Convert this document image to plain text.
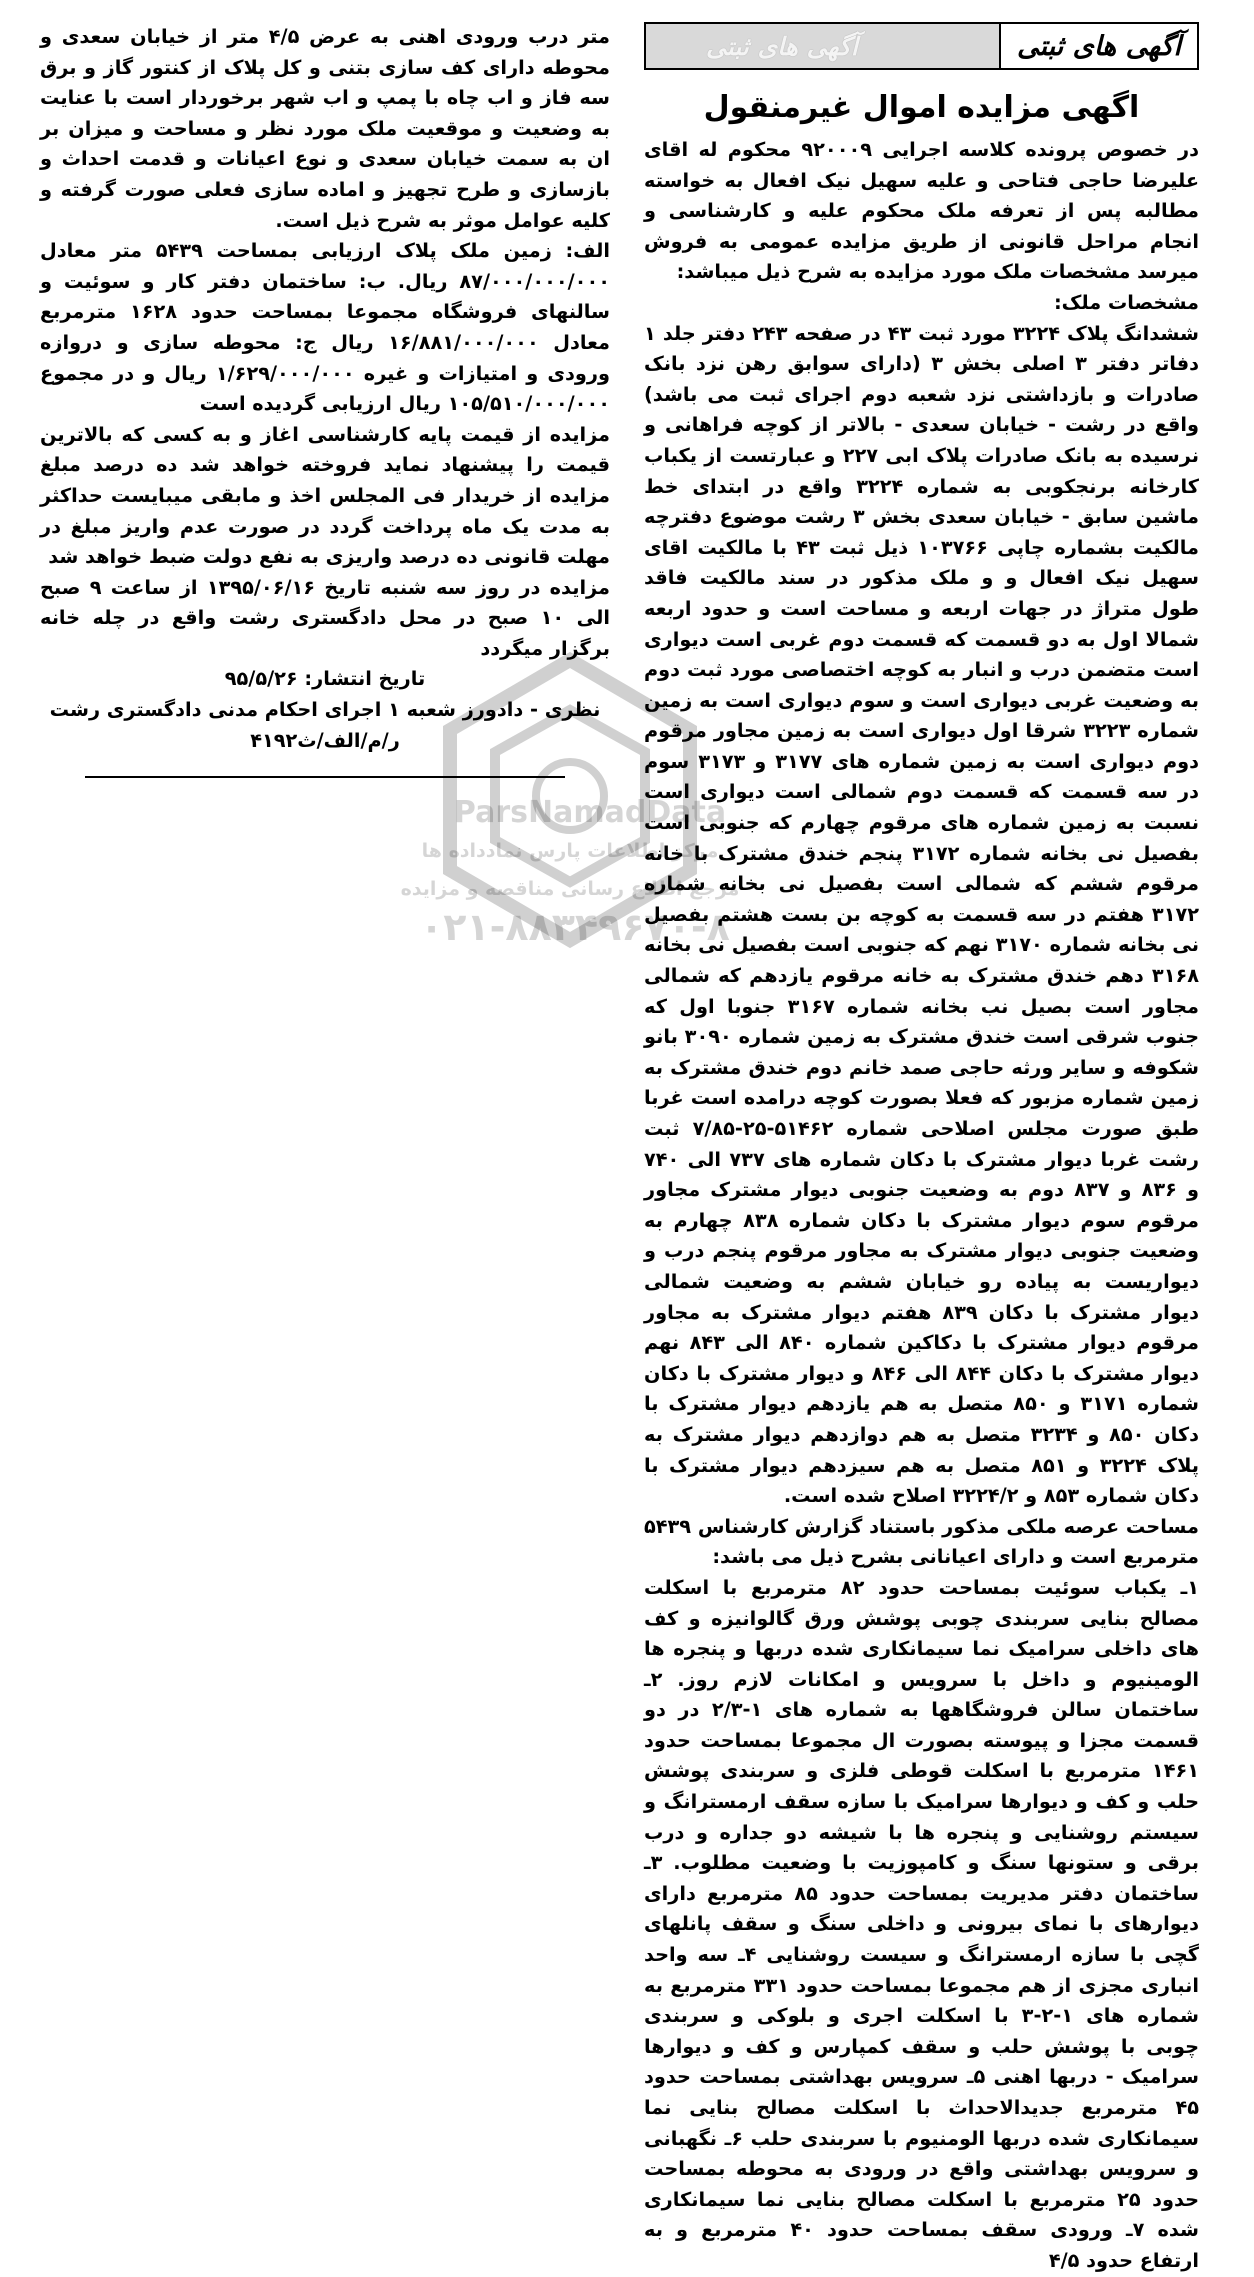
آگهی های ثبتی
آگهی های ثبتی
اگهی مزایده اموال غیرمنقول

در خصوص پرونده کلاسه اجرایی ۹۲۰۰۰۹ محکوم له اقای علیرضا حاجی فتاحی و علیه سهیل نیک افعال به خواسته مطالبه پس از تعرفه ملک محکوم علیه و کارشناسی و انجام مراحل قانونی از طریق مزایده عمومی به فروش میرسد مشخصات ملک مورد مزایده به شرح ذیل میباشد:

مشخصات ملک:

ششدانگ پلاک ۳۲۲۴ مورد ثبت ۴۳ در صفحه ۲۴۳ دفتر جلد ۱ دفاتر دفتر ۳ اصلی بخش ۳ (دارای سوابق رهن نزد بانک صادرات و بازداشتی نزد شعبه دوم اجرای ثبت می باشد) واقع در رشت - خیابان سعدی - بالاتر از کوچه فراهانی و نرسیده به بانک صادرات پلاک ابی ۲۲۷ و عبارتست از یکباب کارخانه برنجکوبی به شماره ۳۲۲۴ واقع در ابتدای خط ماشین سابق - خیابان سعدی بخش ۳ رشت موضوع دفترچه مالکیت بشماره چاپی ۱۰۳۷۶۶ ذیل ثبت ۴۳ با مالکیت اقای سهیل نیک افعال و و ملک مذکور در سند مالکیت فاقد طول متراژ در جهات اربعه و مساحت است و حدود اربعه شمالا اول به دو قسمت که قسمت دوم غربی است دیواری است متضمن درب و انبار به کوچه اختصاصی مورد ثبت دوم به وضعیت غربی دیواری است و سوم دیواری است به زمین شماره ۳۲۲۳ شرقا اول دیواری است به زمین مجاور مرقوم دوم دیواری است به زمین شماره های ۳۱۷۷ و ۳۱۷۳ سوم در سه قسمت که قسمت دوم شمالی است دیواری است نسبت به زمین شماره های مرقوم چهارم که جنوبی است بفصیل نی بخانه شماره ۳۱۷۲ پنجم خندق مشترک با خانه مرقوم ششم که شمالی است بفصیل نی بخانه شماره ۳۱۷۲ هفتم در سه قسمت به کوچه بن بست هشتم بفصیل نی بخانه شماره ۳۱۷۰ نهم که جنوبی است بفصیل نی بخانه ۳۱۶۸ دهم خندق مشترک به خانه مرقوم یازدهم که شمالی مجاور است بصیل نب بخانه شماره ۳۱۶۷ جنوبا اول که جنوب شرقی است خندق مشترک به زمین شماره ۳۰۹۰ بانو شکوفه و سایر ورثه حاجی صمد خانم دوم خندق مشترک به زمین شماره مزبور که فعلا بصورت کوچه درامده است غربا طبق صورت مجلس اصلاحی شماره ۵۱۴۶۲-۲۵-۷/۸۵ ثبت رشت غربا دیوار مشترک با دکان شماره های ۷۳۷ الی ۷۴۰ و ۸۳۶ و ۸۳۷ دوم به وضعیت جنوبی دیوار مشترک مجاور مرقوم سوم دیوار مشترک با دکان شماره ۸۳۸ چهارم به وضعیت جنوبی دیوار مشترک به مجاور مرقوم پنجم درب و دیواریست به پیاده رو خیابان ششم به وضعیت شمالی دیوار مشترک با دکان ۸۳۹ هفتم دیوار مشترک به مجاور مرقوم دیوار مشترک با دکاکین شماره ۸۴۰ الی ۸۴۳ نهم دیوار مشترک با دکان ۸۴۴ الی ۸۴۶ و دیوار مشترک با دکان شماره ۳۱۷۱ و ۸۵۰ متصل به هم یازدهم دیوار مشترک با دکان ۸۵۰ و ۳۲۳۴ متصل به هم دوازدهم دیوار مشترک به پلاک ۳۲۲۴ و ۸۵۱ متصل به هم سیزدهم دیوار مشترک با دکان شماره ۸۵۳ و ۳۲۲۴/۲ اصلاح شده است.

مساحت عرصه ملکی مذکور باستناد گزارش کارشناس ۵۴۳۹ مترمربع است و دارای اعیانانی بشرح ذیل می باشد:

۱ـ یکباب سوئیت بمساحت حدود ۸۲ مترمربع با اسکلت مصالح بنایی سربندی چوبی پوشش ورق گالوانیزه و کف های داخلی سرامیک نما سیمانکاری شده دربها و پنجره ها الومینیوم و داخل با سرویس و امکانات لازم روز. ۲ـ ساختمان سالن فروشگاهها به شماره های ۱-۲/۳ در دو قسمت مجزا و پیوسته بصورت ال مجموعا بمساحت حدود ۱۴۶۱ مترمربع با اسکلت قوطی فلزی و سربندی پوشش حلب و کف و دیوارها سرامیک با سازه سقف ارمسترانگ و سیستم روشنایی و پنجره ها با شیشه دو جداره و درب برقی و ستونها سنگ و کامپوزیت با وضعیت مطلوب. ۳ـ ساختمان دفتر مدیریت بمساحت حدود ۸۵ مترمربع دارای دیوارهای با نمای بیرونی و داخلی سنگ و سقف پانلهای گچی با سازه ارمسترانگ و سیست روشنایی ۴ـ سه واحد انباری مجزی از هم مجموعا بمساحت حدود ۳۳۱ مترمربع به شماره های ۱-۲-۳ با اسکلت اجری و بلوکی و سربندی چوبی با پوشش حلب و سقف کمپارس و کف و دیوارها سرامیک - دربها اهنی ۵ـ سرویس بهداشتی بمساحت حدود ۴۵ مترمربع جدیدالاحداث با اسکلت مصالح بنایی نما سیمانکاری شده دربها الومنیوم با سربندی حلب ۶ـ نگهبانی و سرویس بهداشتی واقع در ورودی به محوطه بمساحت حدود ۲۵ مترمربع با اسکلت مصالح بنایی نما سیمانکاری شده ۷ـ ورودی سقف بمساحت حدود ۴۰ مترمربع و به ارتفاع حدود ۴/۵

متر درب ورودی اهنی به عرض ۴/۵ متر از خیابان سعدی و محوطه دارای کف سازی بتنی و کل پلاک از کنتور گاز و برق سه فاز و اب چاه با پمپ و اب شهر برخوردار است با عنایت به وضعیت و موقعیت ملک مورد نظر و مساحت و میزان بر ان به سمت خیابان سعدی و نوع اعیانات و قدمت احداث و بازسازی و طرح تجهیز و اماده سازی فعلی صورت گرفته و کلیه عوامل موثر به شرح ذیل است.

الف: زمین ملک پلاک ارزیابی بمساحت ۵۴۳۹ متر معادل ۸۷/۰۰۰/۰۰۰/۰۰۰ ریال. ب: ساختمان دفتر کار و سوئیت و سالنهای فروشگاه مجموعا بمساحت حدود ۱۶۲۸ مترمربع معادل ۱۶/۸۸۱/۰۰۰/۰۰۰ ریال ج: محوطه سازی و دروازه ورودی و امتیازات و غیره ۱/۶۲۹/۰۰۰/۰۰۰ ریال و در مجموع ۱۰۵/۵۱۰/۰۰۰/۰۰۰ ریال ارزیابی گردیده است

مزایده از قیمت پایه کارشناسی اغاز و به کسی که بالاترین قیمت را پیشنهاد نماید فروخته خواهد شد ده درصد مبلغ مزایده از خریدار فی المجلس اخذ و مابقی میبایست حداکثر به مدت یک ماه پرداخت گردد در صورت عدم واریز مبلغ در مهلت قانونی ده درصد واریزی به نفع دولت ضبط خواهد شد

مزایده در روز سه شنبه تاریخ ۱۳۹۵/۰۶/۱۶ از ساعت ۹ صبح الی ۱۰ صبح در محل دادگستری رشت واقع در چله خانه برگزار میگردد

تاریخ انتشار: ۹۵/۵/۲۶

نظری - دادورز شعبه ۱ اجرای احکام مدنی دادگستری رشت

ر/م/الف/ث۴۱۹۲

ParsNamadData
مرکز اطلاعات پارس نمادداده ها
مرجع اطلاع رسانی مناقصه و مزایده
۰۲۱-۸۸۳۴۹۶۷۰-۸
